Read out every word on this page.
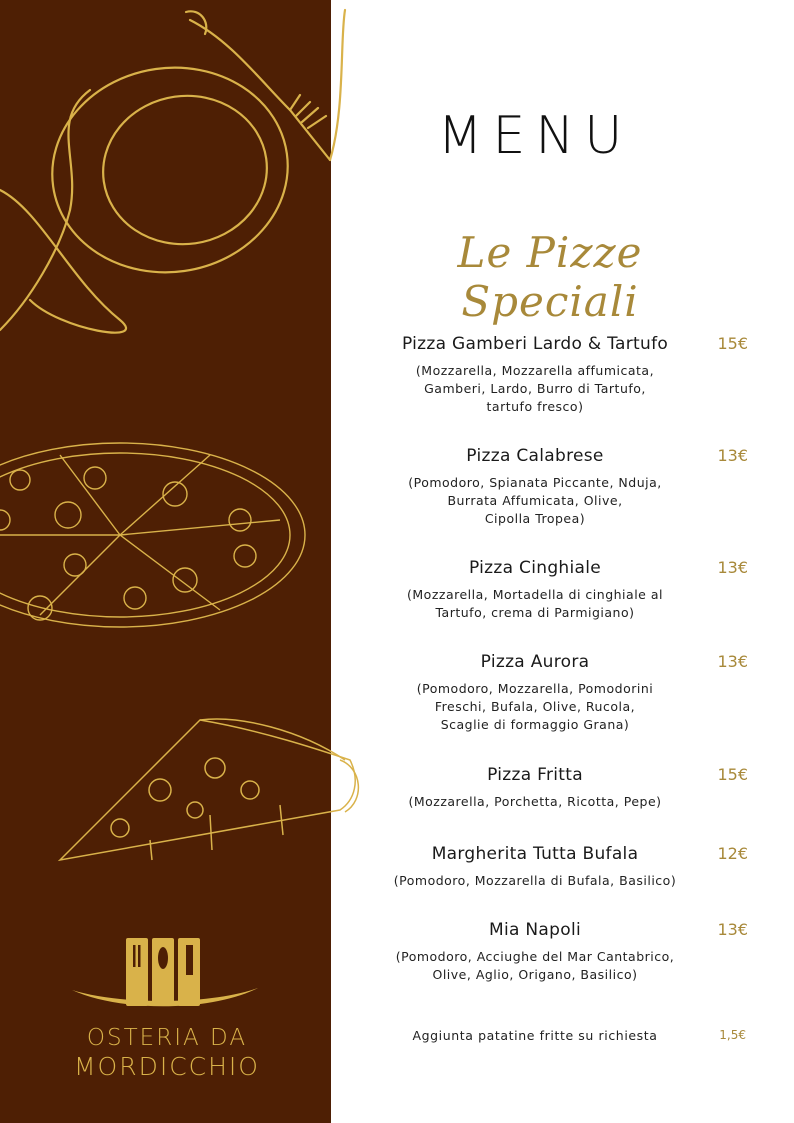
OSTERIA DA
MORDICCHIO
MENU
Le Pizze Speciali
Pizza Gamberi Lardo & Tartufo	15€
(Mozzarella, Mozzarella affumicata,
Gamberi, Lardo, Burro di Tartufo,
tartufo fresco)
Pizza Calabrese	13€
(Pomodoro, Spianata Piccante, Nduja,
Burrata Affumicata, Olive,
Cipolla Tropea)
Pizza Cinghiale	13€
(Mozzarella, Mortadella di cinghiale al
Tartufo, crema di Parmigiano)
Pizza Aurora	13€
(Pomodoro, Mozzarella, Pomodorini
Freschi, Bufala, Olive, Rucola,
Scaglie di formaggio Grana)
Pizza Fritta	15€
(Mozzarella, Porchetta, Ricotta, Pepe)
Margherita Tutta Bufala	12€
(Pomodoro, Mozzarella di Bufala, Basilico)
Mia Napoli	13€
(Pomodoro, Acciughe del Mar Cantabrico,
Olive, Aglio, Origano, Basilico)
Aggiunta patatine fritte su richiesta	1,5€
